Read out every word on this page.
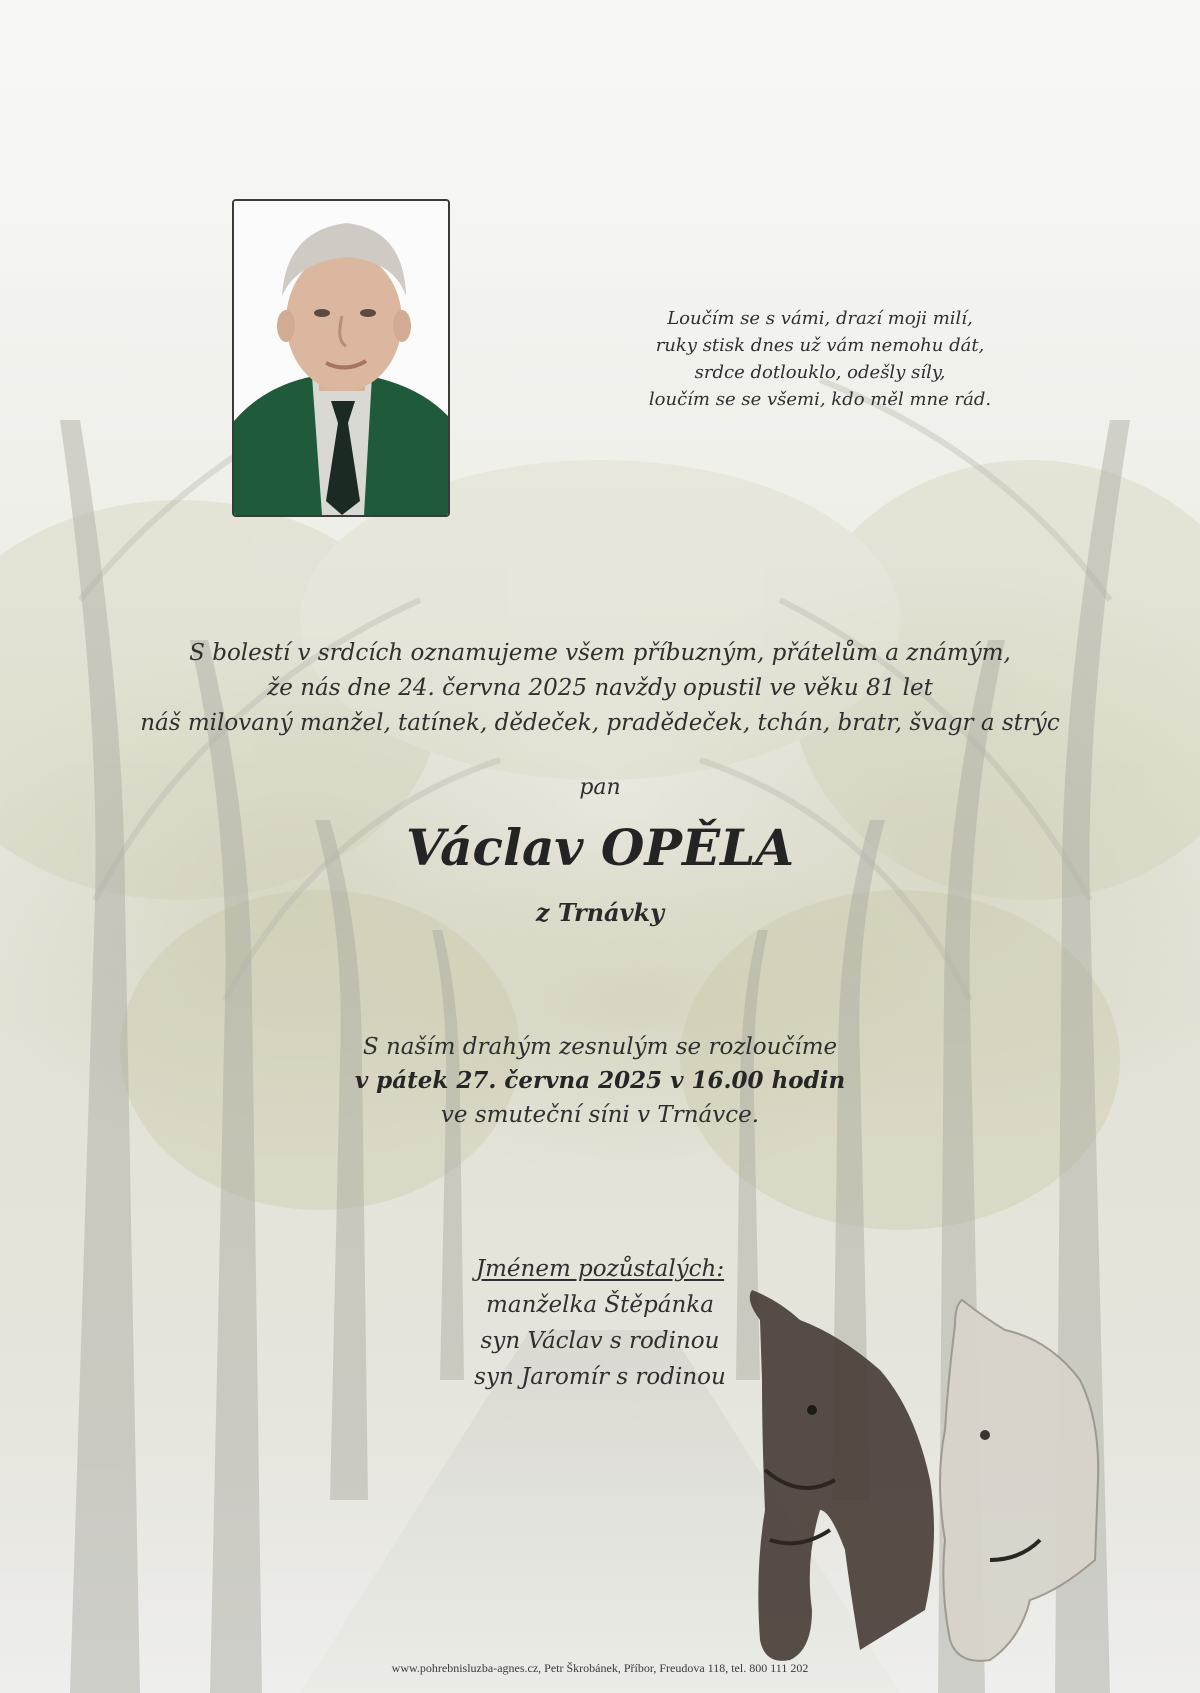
Loučím se s vámi, drazí moji milí,
ruky stisk dnes už vám nemohu dát,
srdce dotlouklo, odešly síly,
loučím se se všemi, kdo měl mne rád.
S bolestí v srdcích oznamujeme všem příbuzným, přátelům a známým,
že nás dne 24. června 2025 navždy opustil ve věku 81 let
náš milovaný manžel, tatínek, dědeček, pradědeček, tchán, bratr, švagr a strýc
pan
Václav OPĚLA
z Trnávky
S naším drahým zesnulým se rozloučíme
v pátek 27. června 2025 v 16.00 hodin
ve smuteční síni v Trnávce.
Jménem pozůstalých:
manželka Štěpánka
syn Václav s rodinou
syn Jaromír s rodinou
www.pohrebnisluzba-agnes.cz, Petr Škrobánek, Příbor, Freudova 118, tel. 800 111 202
